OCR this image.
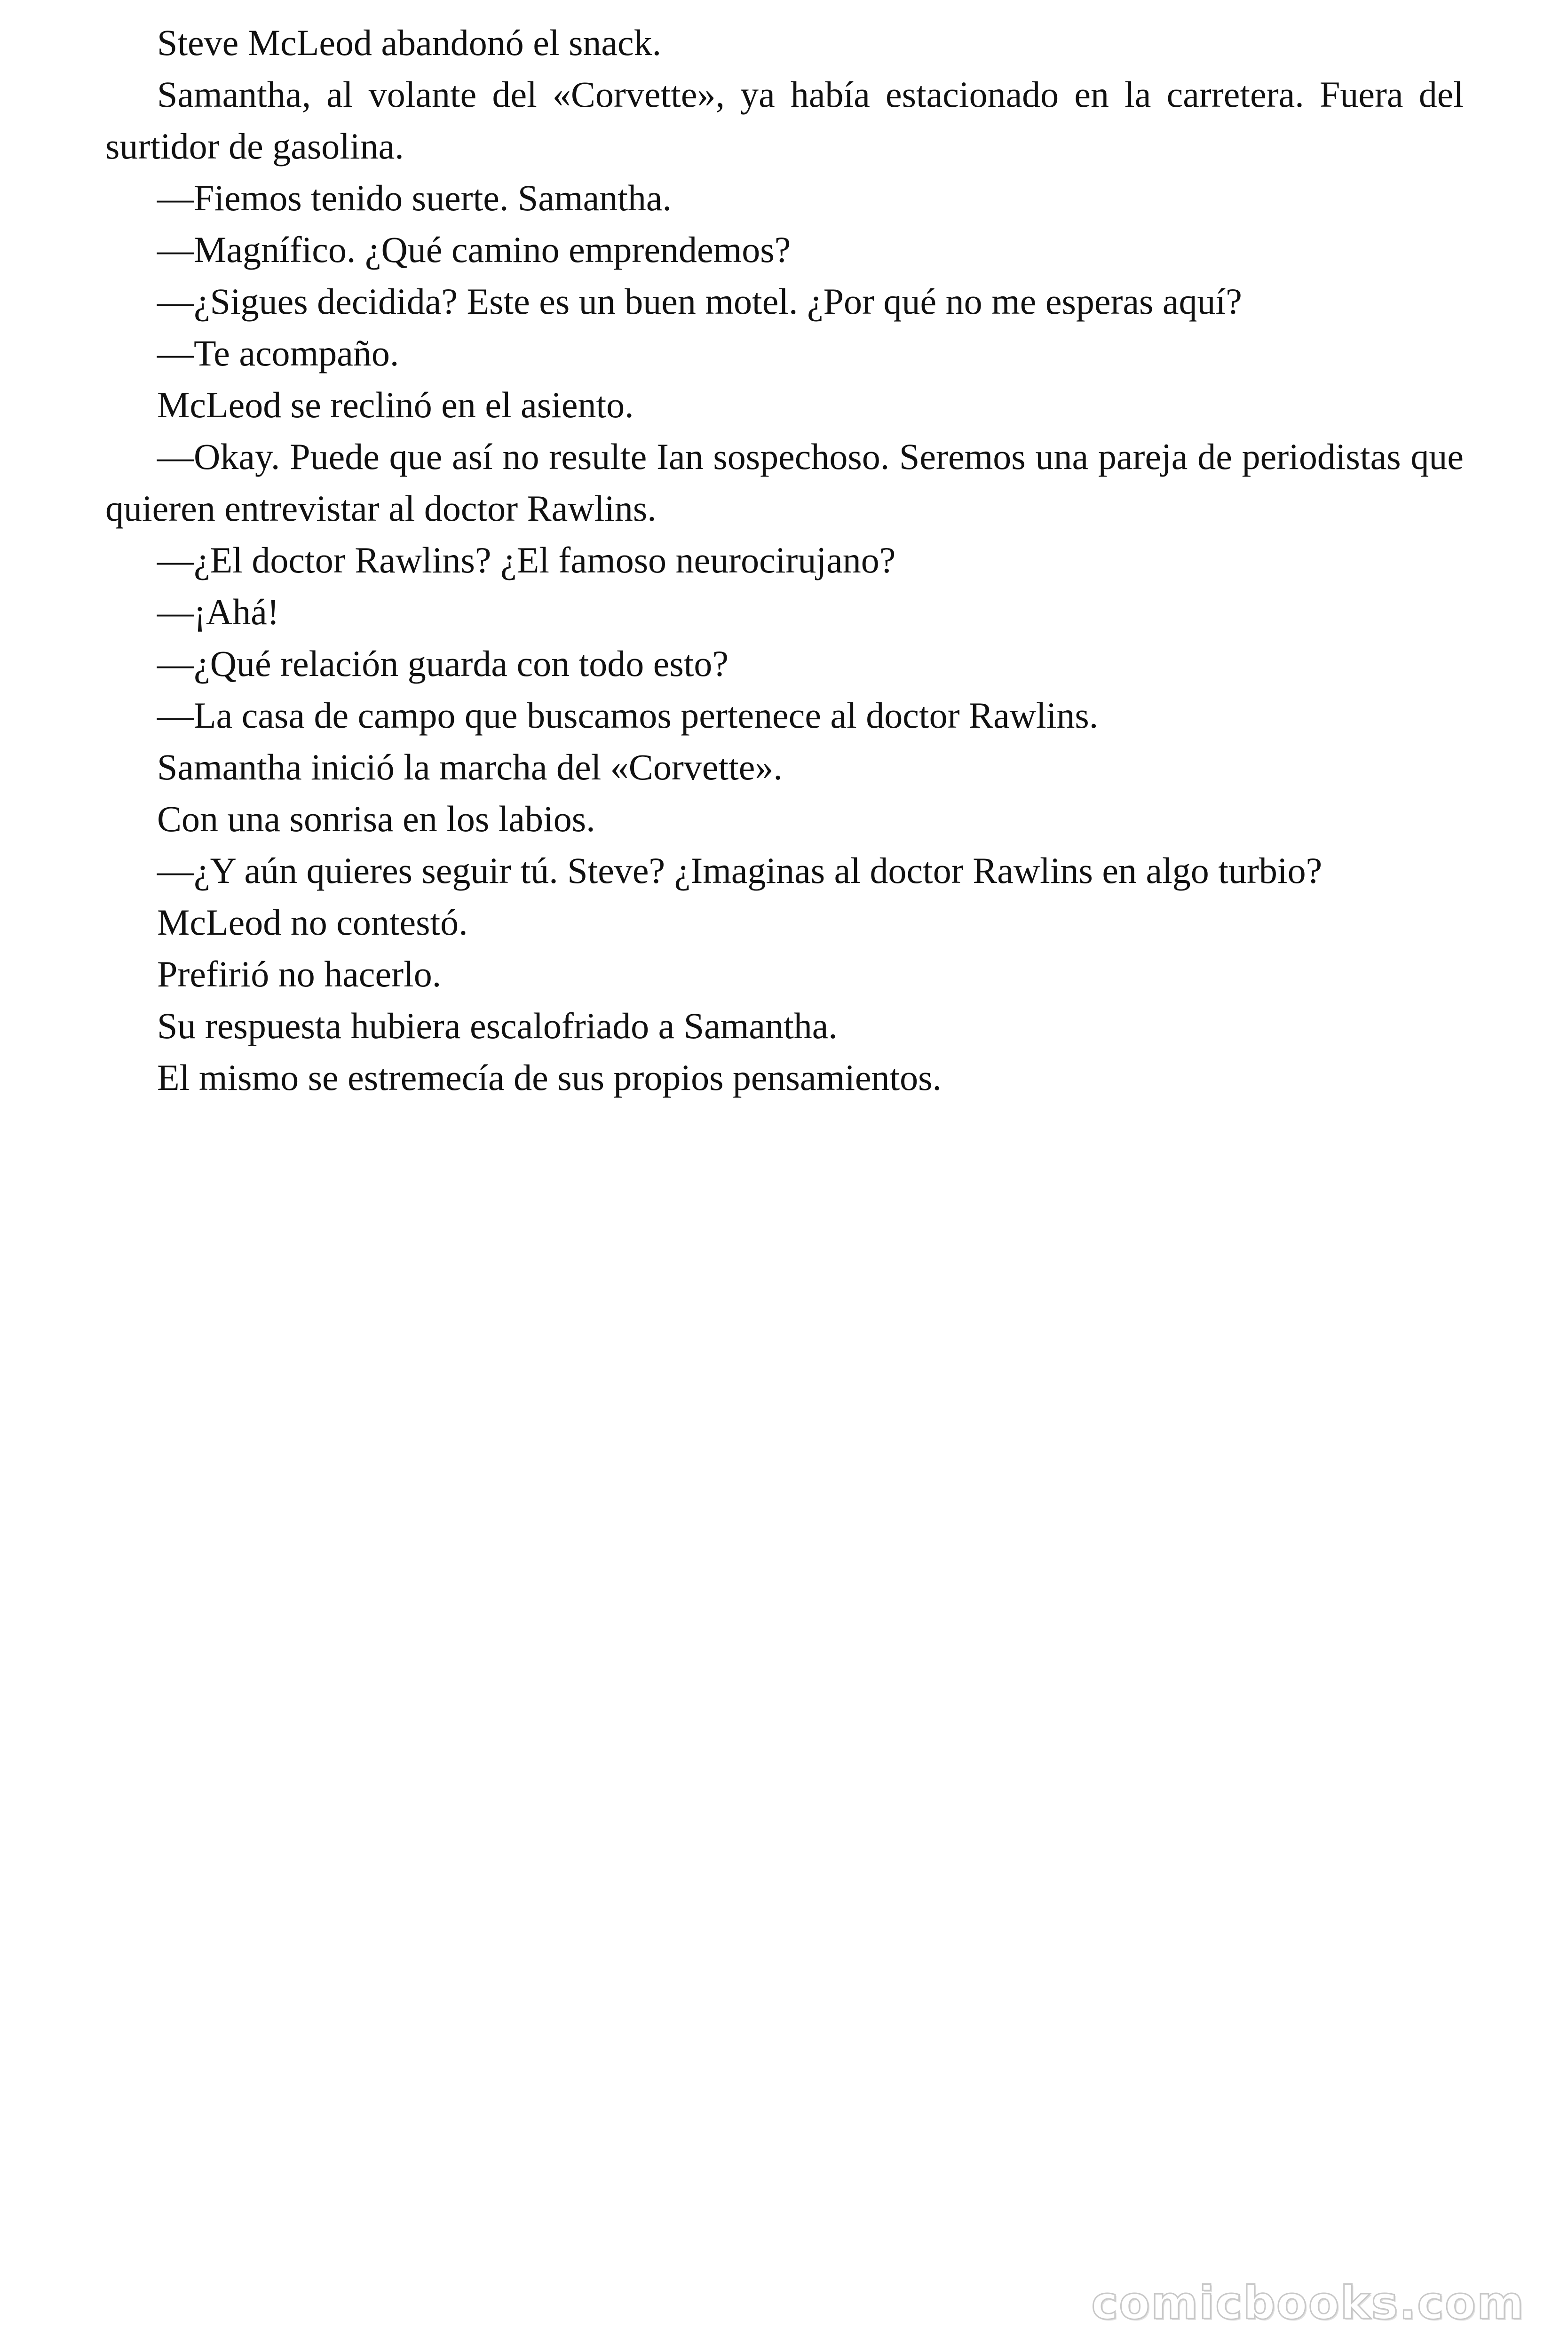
Steve McLeod abandonó el snack.

Samantha, al volante del «Corvette», ya había estacionado en la carretera. Fuera del surtidor de gasolina.

—Fiemos tenido suerte. Samantha.

—Magnífico. ¿Qué camino emprendemos?

—¿Sigues decidida? Este es un buen motel. ¿Por qué no me esperas aquí?

—Te acompaño.

McLeod se reclinó en el asiento.

—Okay. Puede que así no resulte Ian sospechoso. Seremos una pareja de periodistas que quieren entrevistar al doctor Rawlins.

—¿El doctor Rawlins? ¿El famoso neurocirujano?

—¡Ahá!

—¿Qué relación guarda con todo esto?

—La casa de campo que buscamos pertenece al doctor Rawlins.

Samantha inició la marcha del «Corvette».

Con una sonrisa en los labios.

—¿Y aún quieres seguir tú. Steve? ¿Imaginas al doctor Rawlins en algo turbio?

McLeod no contestó.

Prefirió no hacerlo.

Su respuesta hubiera escalofriado a Samantha.

El mismo se estremecía de sus propios pensamientos.

comicbooks.com
